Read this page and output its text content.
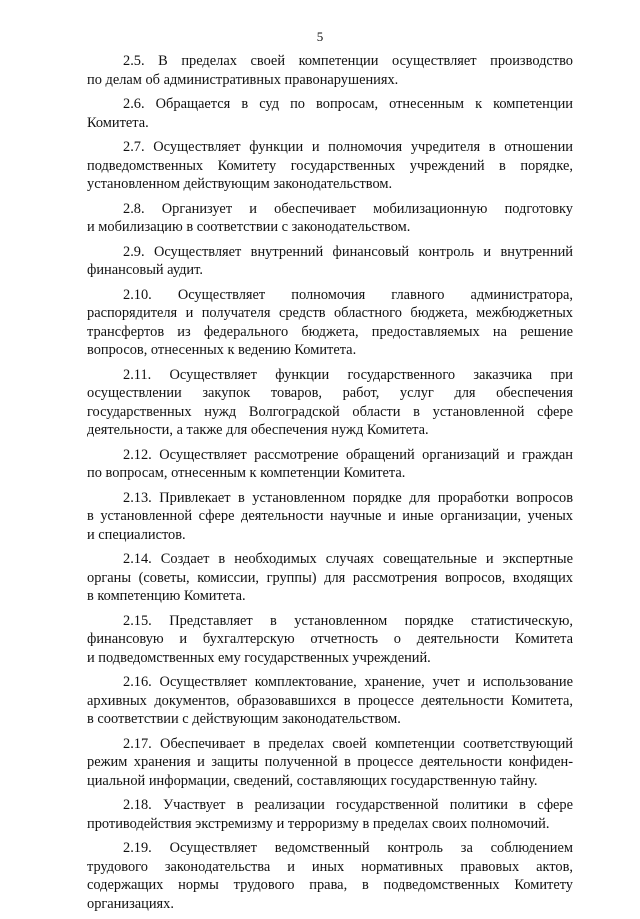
5
2.5. В пределах своей компетенции осуществляет производство
по делам об административных правонарушениях.
2.6. Обращается в суд по вопросам, отнесенным к компетенции
Комитета.
2.7. Осуществляет функции и полномочия учредителя в отношении
подведомственных Комитету государственных учреждений в порядке,
установленном действующим законодательством.
2.8. Организует и обеспечивает мобилизационную подготовку
и мобилизацию в соответствии с законодательством.
2.9. Осуществляет внутренний финансовый контроль и внутренний
финансовый аудит.
2.10. Осуществляет полномочия главного администратора,
распорядителя и получателя средств областного бюджета, межбюджетных
трансфертов из федерального бюджета, предоставляемых на решение
вопросов, отнесенных к ведению Комитета.
2.11. Осуществляет функции государственного заказчика при
осуществлении закупок товаров, работ, услуг для обеспечения
государственных нужд Волгоградской области в установленной сфере
деятельности, а также для обеспечения нужд Комитета.
2.12. Осуществляет рассмотрение обращений организаций и граждан
по вопросам, отнесенным к компетенции Комитета.
2.13. Привлекает в установленном порядке для проработки вопросов
в установленной сфере деятельности научные и иные организации, ученых
и специалистов.
2.14. Создает в необходимых случаях совещательные и экспертные
органы (советы, комиссии, группы) для рассмотрения вопросов, входящих
в компетенцию Комитета.
2.15. Представляет в установленном порядке статистическую,
финансовую и бухгалтерскую отчетность о деятельности Комитета
и подведомственных ему государственных учреждений.
2.16. Осуществляет комплектование, хранение, учет и использование
архивных документов, образовавшихся в процессе деятельности Комитета,
в соответствии с действующим законодательством.
2.17. Обеспечивает в пределах своей компетенции соответствующий
режим хранения и защиты полученной в процессе деятельности конфиден-
циальной информации, сведений, составляющих государственную тайну.
2.18. Участвует в реализации государственной политики в сфере
противодействия экстремизму и терроризму в пределах своих полномочий.
2.19. Осуществляет ведомственный контроль за соблюдением
трудового законодательства и иных нормативных правовых актов,
содержащих нормы трудового права, в подведомственных Комитету
организациях.
